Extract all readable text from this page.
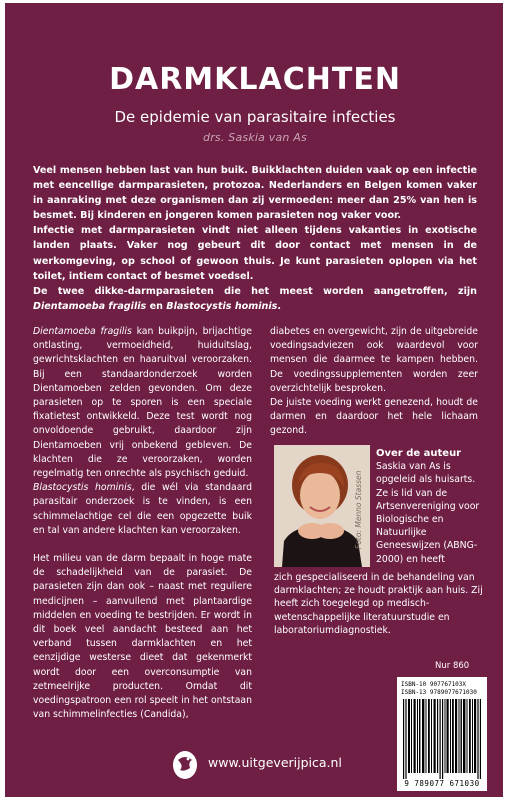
DARMKLACHTEN
De epidemie van parasitaire infecties
drs. Saskia van As

Veel mensen hebben last van hun buik. Buikklachten duiden vaak op een infectie met eencellige darmparasieten, protozoa. Nederlanders en Belgen komen vaker in aanraking met deze organismen dan zij vermoeden: meer dan 25% van hen is besmet. Bij kinderen en jongeren komen parasieten nog vaker voor.

Infectie met darmparasieten vindt niet alleen tijdens vakanties in exotische landen plaats. Vaker nog gebeurt dit door contact met mensen in de werkomgeving, op school of gewoon thuis. Je kunt parasieten oplopen via het toilet, intiem contact of besmet voedsel.

De twee dikke-darmparasieten die het meest worden aangetroffen, zijn Dientamoeba fragilis en Blastocystis hominis.

Dientamoeba fragilis kan buikpijn, brijachtige ontlasting, vermoeidheid, huiduitslag, gewrichtsklachten en haaruitval veroorzaken. Bij een standaardonderzoek worden Dientamoeben zelden gevonden. Om deze parasieten op te sporen is een speciale fixatietest ontwikkeld. Deze test wordt nog onvoldoende gebruikt, daardoor zijn Dientamoeben vrij onbekend gebleven. De klachten die ze veroorzaken, worden regelmatig ten onrechte als psychisch geduid.

Blastocystis hominis, die wél via standaard parasitair onderzoek is te vinden, is een schimmelachtige cel die een opgezette buik en tal van andere klachten kan veroorzaken.

Het milieu van de darm bepaalt in hoge mate de schadelijkheid van de parasiet. De parasieten zijn dan ook – naast met reguliere medicijnen – aanvullend met plantaardige middelen en voeding te bestrijden. Er wordt in dit boek veel aandacht besteed aan het verband tussen darmklachten en het eenzijdige westerse dieet dat gekenmerkt wordt door een overconsumptie van zetmeelrijke producten. Omdat dit voedingspatroon een rol speelt in het ontstaan van schimmelinfecties (Candida),

diabetes en overgewicht, zijn de uitgebreide voedingsadviezen ook waardevol voor mensen die daarmee te kampen hebben. De voedingssupplementen worden zeer overzichtelijk besproken.

De juiste voeding werkt genezend, houdt de darmen en daardoor het hele lichaam gezond.

Foto: Menno Stassen
Over de auteur
Saskia van As is opgeleid als huisarts. Ze is lid van de Artsenvereniging voor Biologische en Natuurlijke Geneeswijzen (ABNG-2000) en heeft
zich gespecialiseerd in de behandeling van darmklachten; ze houdt praktijk aan huis. Zij heeft zich toegelegd op medisch-wetenschappelijke literatuurstudie en laboratoriumdiagnostiek.
Nur 860
ISBN-10 907767103X
ISBN-13 9789077671030
9 789077 671030
www.uitgeverijpica.nl
